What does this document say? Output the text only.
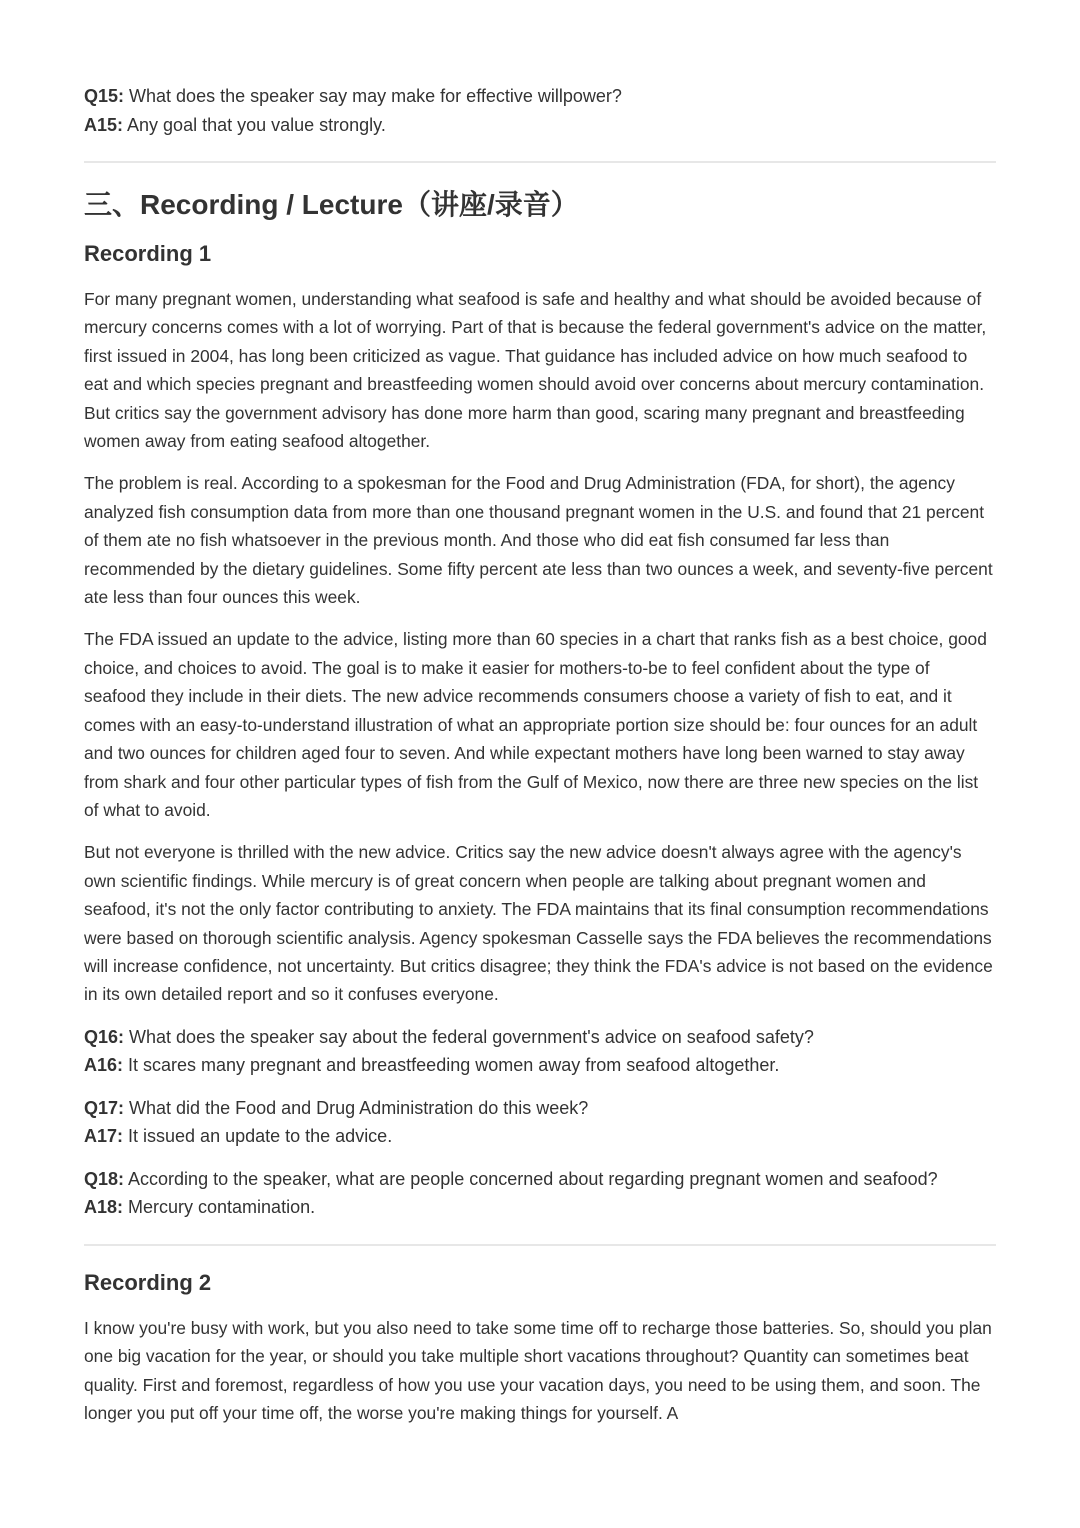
Q15: What does the speaker say may make for effective willpower?
A15: Any goal that you value strongly.
三、Recording / Lecture（讲座/录音）
Recording 1

For many pregnant women, understanding what seafood is safe and healthy and what should be avoided because of mercury concerns comes with a lot of worrying. Part of that is because the federal government's advice on the matter, first issued in 2004, has long been criticized as vague. That guidance has included advice on how much seafood to eat and which species pregnant and breastfeeding women should avoid over concerns about mercury contamination. But critics say the government advisory has done more harm than good, scaring many pregnant and breastfeeding women away from eating seafood altogether.

The problem is real. According to a spokesman for the Food and Drug Administration (FDA, for short), the agency analyzed fish consumption data from more than one thousand pregnant women in the U.S. and found that 21 percent of them ate no fish whatsoever in the previous month. And those who did eat fish consumed far less than recommended by the dietary guidelines. Some fifty percent ate less than two ounces a week, and seventy-five percent ate less than four ounces this week.

The FDA issued an update to the advice, listing more than 60 species in a chart that ranks fish as a best choice, good choice, and choices to avoid. The goal is to make it easier for mothers-to-be to feel confident about the type of seafood they include in their diets. The new advice recommends consumers choose a variety of fish to eat, and it comes with an easy-to-understand illustration of what an appropriate portion size should be: four ounces for an adult and two ounces for children aged four to seven. And while expectant mothers have long been warned to stay away from shark and four other particular types of fish from the Gulf of Mexico, now there are three new species on the list of what to avoid.

But not everyone is thrilled with the new advice. Critics say the new advice doesn't always agree with the agency's own scientific findings. While mercury is of great concern when people are talking about pregnant women and seafood, it's not the only factor contributing to anxiety. The FDA maintains that its final consumption recommendations were based on thorough scientific analysis. Agency spokesman Casselle says the FDA believes the recommendations will increase confidence, not uncertainty. But critics disagree; they think the FDA's advice is not based on the evidence in its own detailed report and so it confuses everyone.

Q16: What does the speaker say about the federal government's advice on seafood safety?
A16: It scares many pregnant and breastfeeding women away from seafood altogether.
Q17: What did the Food and Drug Administration do this week?
A17: It issued an update to the advice.
Q18: According to the speaker, what are people concerned about regarding pregnant women and seafood?
A18: Mercury contamination.
Recording 2

I know you're busy with work, but you also need to take some time off to recharge those batteries. So, should you plan one big vacation for the year, or should you take multiple short vacations throughout? Quantity can sometimes beat quality. First and foremost, regardless of how you use your vacation days, you need to be using them, and soon. The longer you put off your time off, the worse you're making things for yourself. A
